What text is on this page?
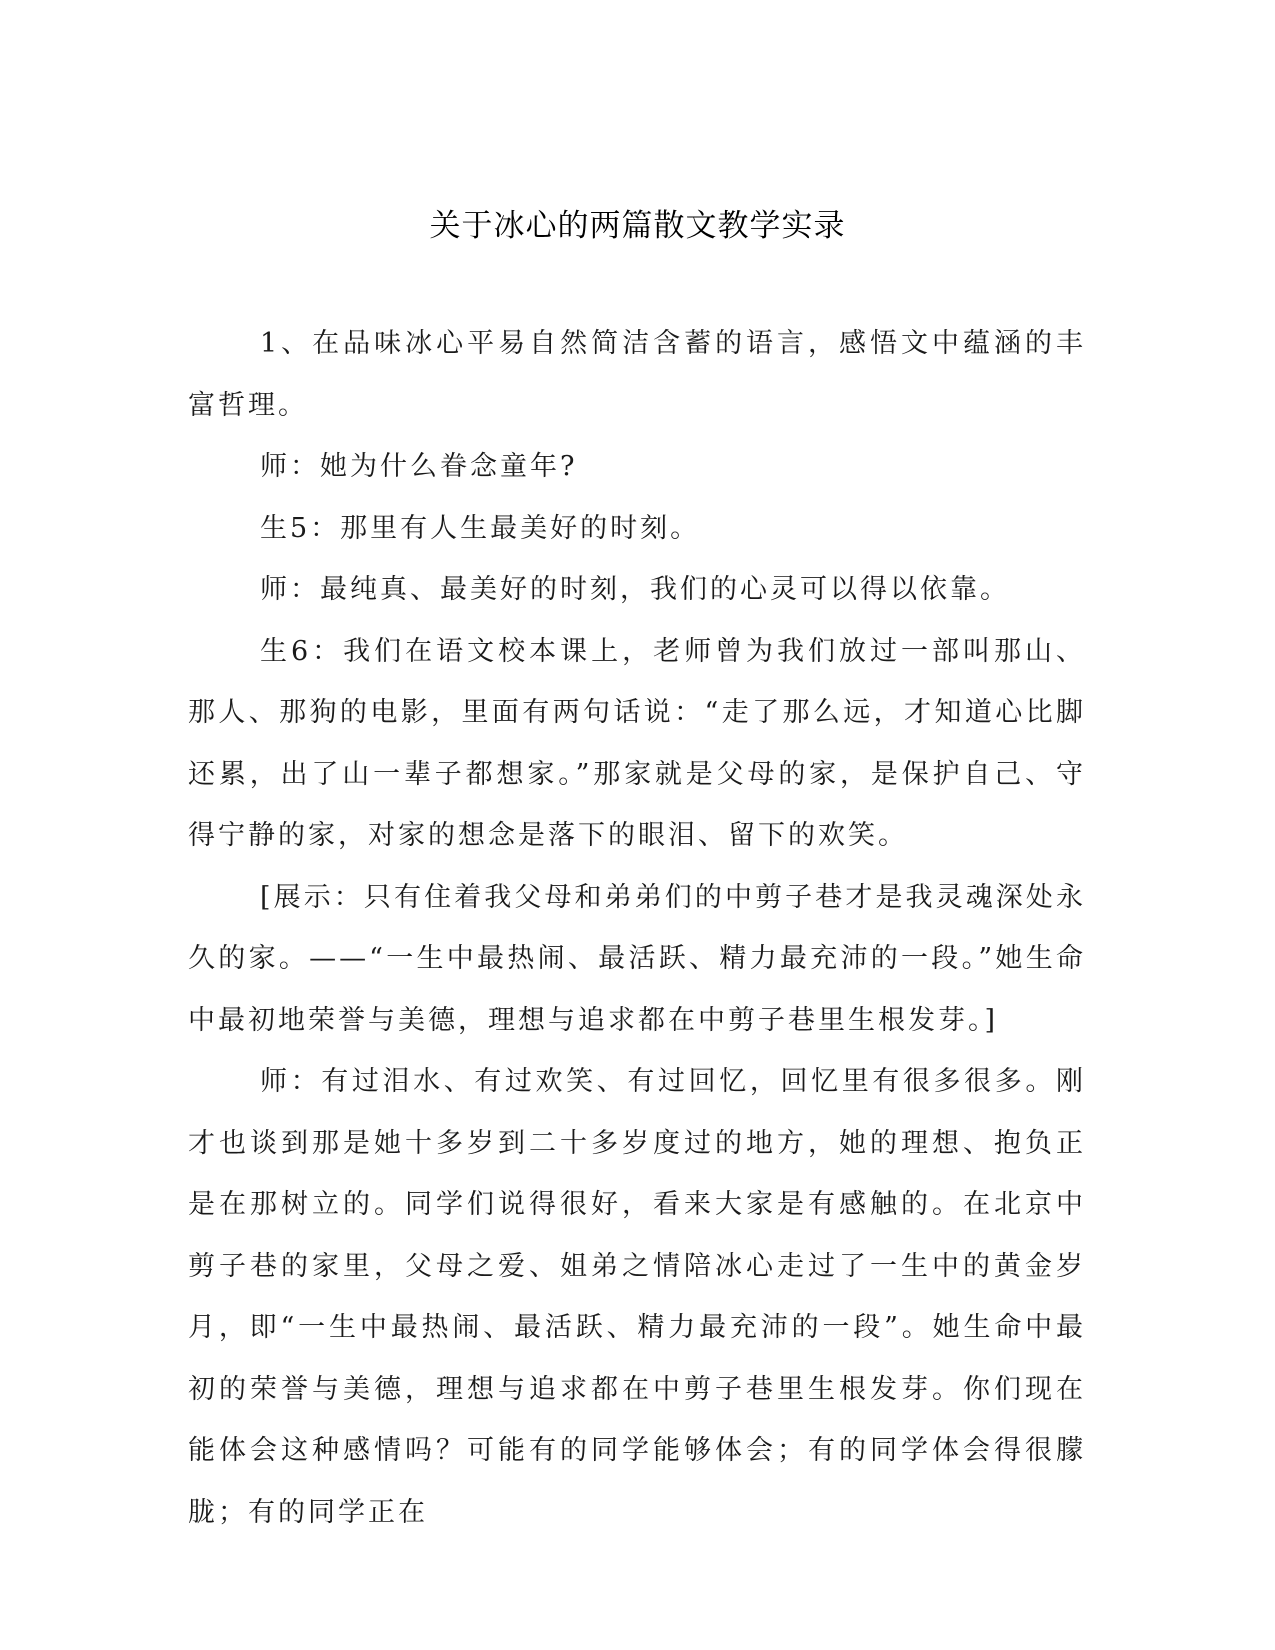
关于冰心的两篇散文教学实录

1、在品味冰心平易自然简洁含蓄的语言，感悟文中蕴涵的丰富哲理。

师：她为什么眷念童年?

生5：那里有人生最美好的时刻。

师：最纯真、最美好的时刻，我们的心灵可以得以依靠。

生6：我们在语文校本课上，老师曾为我们放过一部叫那山、那人、那狗的电影，里面有两句话说：“走了那么远，才知道心比脚还累，出了山一辈子都想家。”那家就是父母的家，是保护自己、守得宁静的家，对家的想念是落下的眼泪、留下的欢笑。

[展示：只有住着我父母和弟弟们的中剪子巷才是我灵魂深处永久的家。——“一生中最热闹、最活跃、精力最充沛的一段。”她生命中最初地荣誉与美德，理想与追求都在中剪子巷里生根发芽。]

师：有过泪水、有过欢笑、有过回忆，回忆里有很多很多。刚才也谈到那是她十多岁到二十多岁度过的地方，她的理想、抱负正是在那树立的。同学们说得很好，看来大家是有感触的。在北京中剪子巷的家里，父母之爱、姐弟之情陪冰心走过了一生中的黄金岁月，即“一生中最热闹、最活跃、精力最充沛的一段”。她生命中最初的荣誉与美德，理想与追求都在中剪子巷里生根发芽。你们现在能体会这种感情吗？可能有的同学能够体会；有的同学体会得很朦胧；有的同学正在
